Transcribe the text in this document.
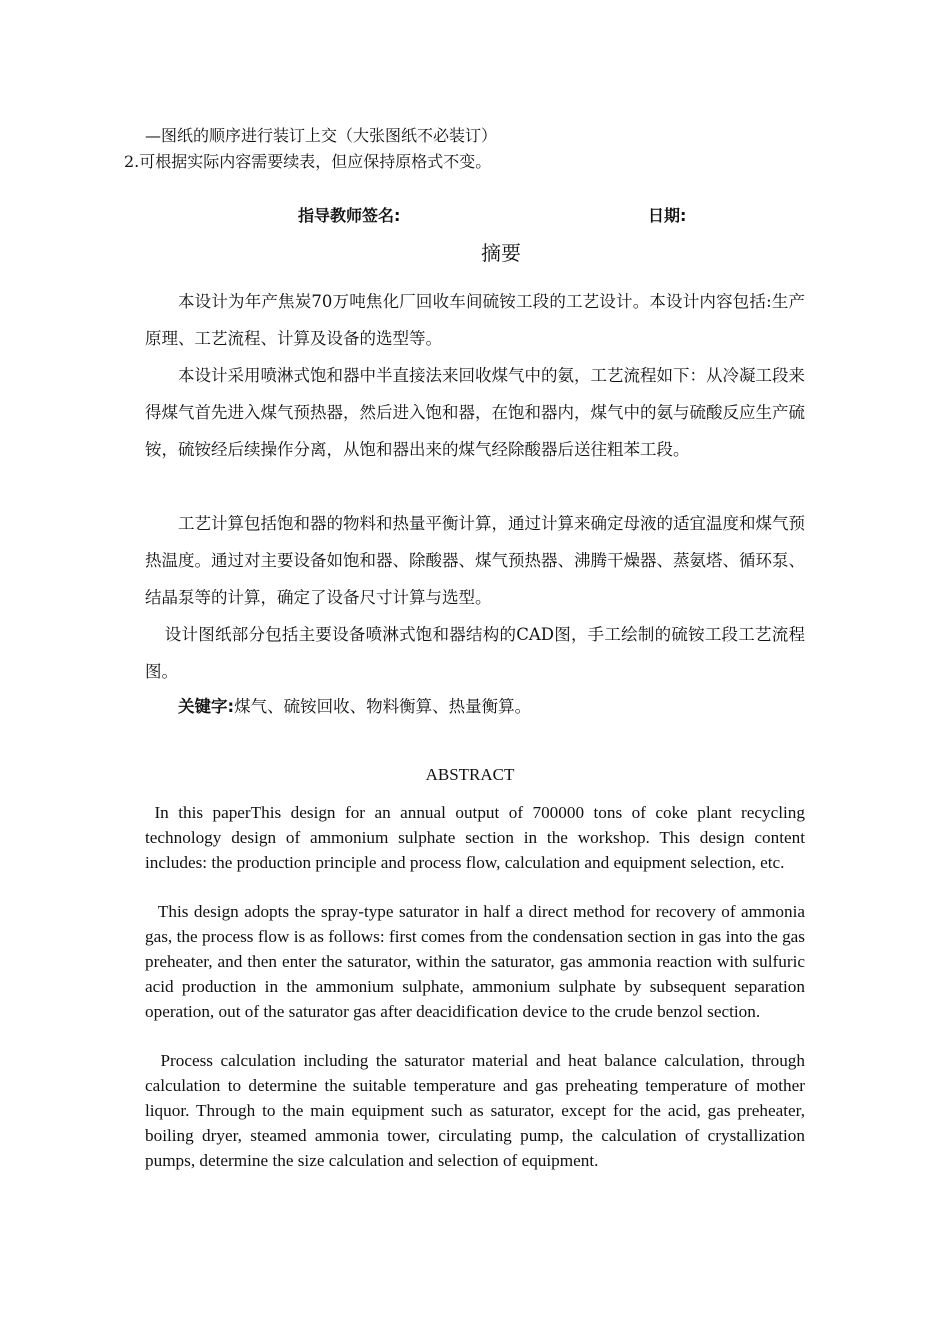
—图纸的顺序进行装订上交（大张图纸不必装订）

2.可根据实际内容需要续表，但应保持原格式不变。

指导教师签名:	日期:
摘要

本设计为年产焦炭70万吨焦化厂回收车间硫铵工段的工艺设计。本设计内容包括:生产原理、工艺流程、计算及设备的选型等。

本设计采用喷淋式饱和器中半直接法来回收煤气中的氨，工艺流程如下：从冷凝工段来得煤气首先进入煤气预热器，然后进入饱和器，在饱和器内，煤气中的氨与硫酸反应生产硫铵，硫铵经后续操作分离，从饱和器出来的煤气经除酸器后送往粗苯工段。

工艺计算包括饱和器的物料和热量平衡计算，通过计算来确定母液的适宜温度和煤气预热温度。通过对主要设备如饱和器、除酸器、煤气预热器、沸腾干燥器、蒸氨塔、循环泵、结晶泵等的计算，确定了设备尺寸计算与选型。

设计图纸部分包括主要设备喷淋式饱和器结构的CAD图，手工绘制的硫铵工段工艺流程图。

关键字:煤气、硫铵回收、物料衡算、热量衡算。

ABSTRACT

In this paperThis design for an annual output of 700000 tons of coke plant recycling technology design of ammonium sulphate section in the workshop. This design content includes: the production principle and process flow, calculation and equipment selection, etc.

This design adopts the spray-type saturator in half a direct method for recovery of ammonia gas, the process flow is as follows: first comes from the condensation section in gas into the gas preheater, and then enter the saturator, within the saturator, gas ammonia reaction with sulfuric acid production in the ammonium sulphate, ammonium sulphate by subsequent separation operation, out of the saturator gas after deacidification device to the crude benzol section.

Process calculation including the saturator material and heat balance calculation, through calculation to determine the suitable temperature and gas preheating temperature of mother liquor. Through to the main equipment such as saturator, except for the acid, gas preheater, boiling dryer, steamed ammonia tower, circulating pump, the calculation of crystallization pumps, determine the size calculation and selection of equipment.
